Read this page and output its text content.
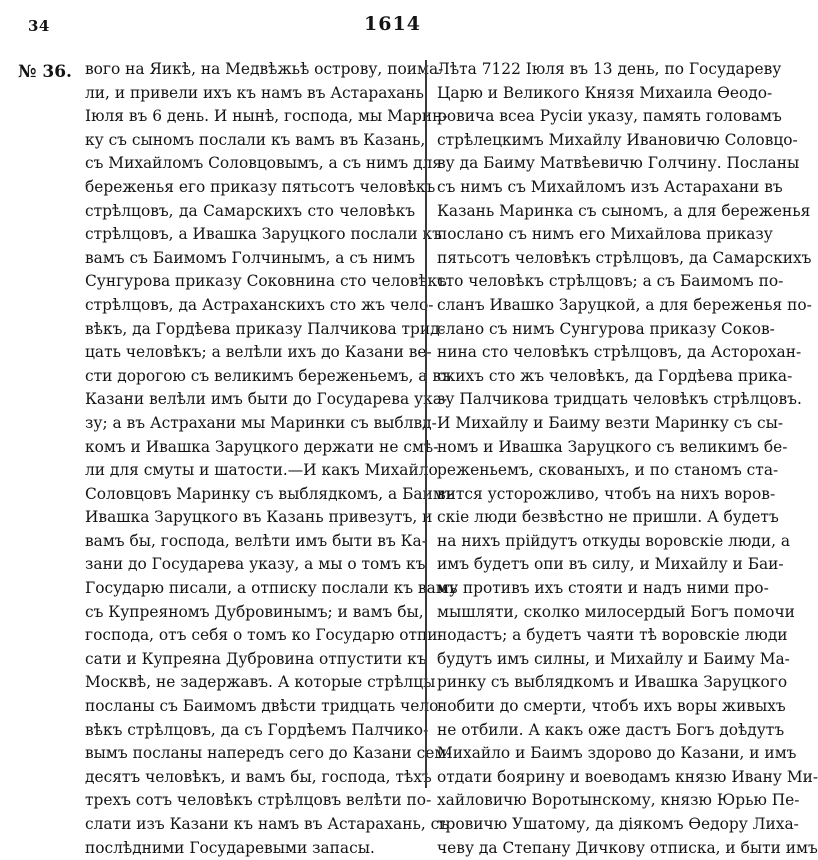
34	1614
№ 36. вого на Яикѣ, на Медвѣжьѣ острову, поима-
ли, и привели ихъ къ намъ въ Астарахань
Іюля въ 6 день. И нынѣ, господа, мы Марин-
ку съ сыномъ послали къ вамъ въ Казань,
съ Михайломъ Соловцовымъ, а съ нимъ для
береженья его приказу пятьсотъ человѣкъ
стрѣлцовъ, да Самарскихъ сто человѣкъ
стрѣлцовъ, а Ивашка Заруцкого послали къ
вамъ съ Баимомъ Голчинымъ, а съ нимъ
Сунгурова приказу Соковнина сто человѣкъ
стрѣлцовъ, да Астраханскихъ сто жъ чело-
вѣкъ, да Гордѣева приказу Палчикова трид-
цать человѣкъ; а велѣли ихъ до Казани ве-
сти дорогою съ великимъ береженьемъ, а въ
Казани велѣли имъ быти до Государева ука-
зу; а въ Астрахани мы Маринки съ выблвд-
комъ и Ивашка Заруцкого держати не смѣ-
ли для смуты и шатости.—И какъ Михайло
Соловцовъ Маринку съ выблядкомъ, а Баимъ
Ивашка Заруцкого въ Казань привезутъ, и
вамъ бы, господа, велѣти имъ быти въ Ка-
зани до Государева указу, а мы о томъ къ
Государю писали, а отписку послали къ вамъ
съ Купреяномъ Дубровинымъ; и вамъ бы,
господа, отъ себя о томъ ко Государю отпи-
сати и Купреяна Дубровина отпустити къ
Москвѣ, не задержавъ. А которые стрѣлцы
посланы съ Баимомъ двѣсти тридцать чело-
вѣкъ стрѣлцовъ, да съ Гордѣемъ Палчико-
вымъ посланы напередъ сего до Казани сем-
десятъ человѣкъ, и вамъ бы, господа, тѣхъ
трехъ сотъ человѣкъ стрѣлцовъ велѣти по-
слати изъ Казани къ намъ въ Астарахань, съ
послѣдними Государевыми запасы.
Лѣта 7122 Іюля въ 13 день, по Государеву
Царю и Великого Князя Михаила Ѳеодо-
ровича всеа Русіи указу, память головамъ
стрѣлецкимъ Михайлу Ивановичю Соловцо-
ву да Баиму Матвѣевичю Голчину. Посланы
съ нимъ съ Михайломъ изъ Астарахани въ
Казань Маринка съ сыномъ, а для береженья
послано съ нимъ его Михайлова приказу
пятьсотъ человѣкъ стрѣлцовъ, да Самарскихъ
сто человѣкъ стрѣлцовъ; а съ Баимомъ по-
сланъ Ивашко Заруцкой, а для береженья по-
слано съ нимъ Сунгурова приказу Соков-
нина сто человѣкъ стрѣлцовъ, да Асторохан-
скихъ сто жъ человѣкъ, да Гордѣева прика-
зу Палчикова тридцать человѣкъ стрѣлцовъ.
И Михайлу и Баиму везти Маринку съ сы-
номъ и Ивашка Заруцкого съ великимъ бе-
реженьемъ, скованыхъ, и по станомъ ста-
вится усторожливо, чтобъ на нихъ воров-
скіе люди безвѣстно не пришли. А будетъ
на нихъ прійдутъ откуды воровскіе люди, а
имъ будетъ опи въ силу, и Михайлу и Баи-
му противъ ихъ стояти и надъ ними про-
мышляти, сколко милосердый Богъ помочи
подастъ; а будетъ чаяти тѣ воровскіе люди
будутъ имъ силны, и Михайлу и Баиму Ма-
ринку съ выблядкомъ и Ивашка Заруцкого
побити до смерти, чтобъ ихъ воры живыхъ
не отбили. А какъ оже дастъ Богъ доѣдутъ
Михайло и Баимъ здорово до Казани, и имъ
отдати боярину и воеводамъ князю Ивану Ми-
хайловичю Воротынскому, князю Юрью Пе-
тровичю Ушатому, да діякомъ Ѳедору Лиха-
чеву да Степану Дичкову отписка, и быти имъ
